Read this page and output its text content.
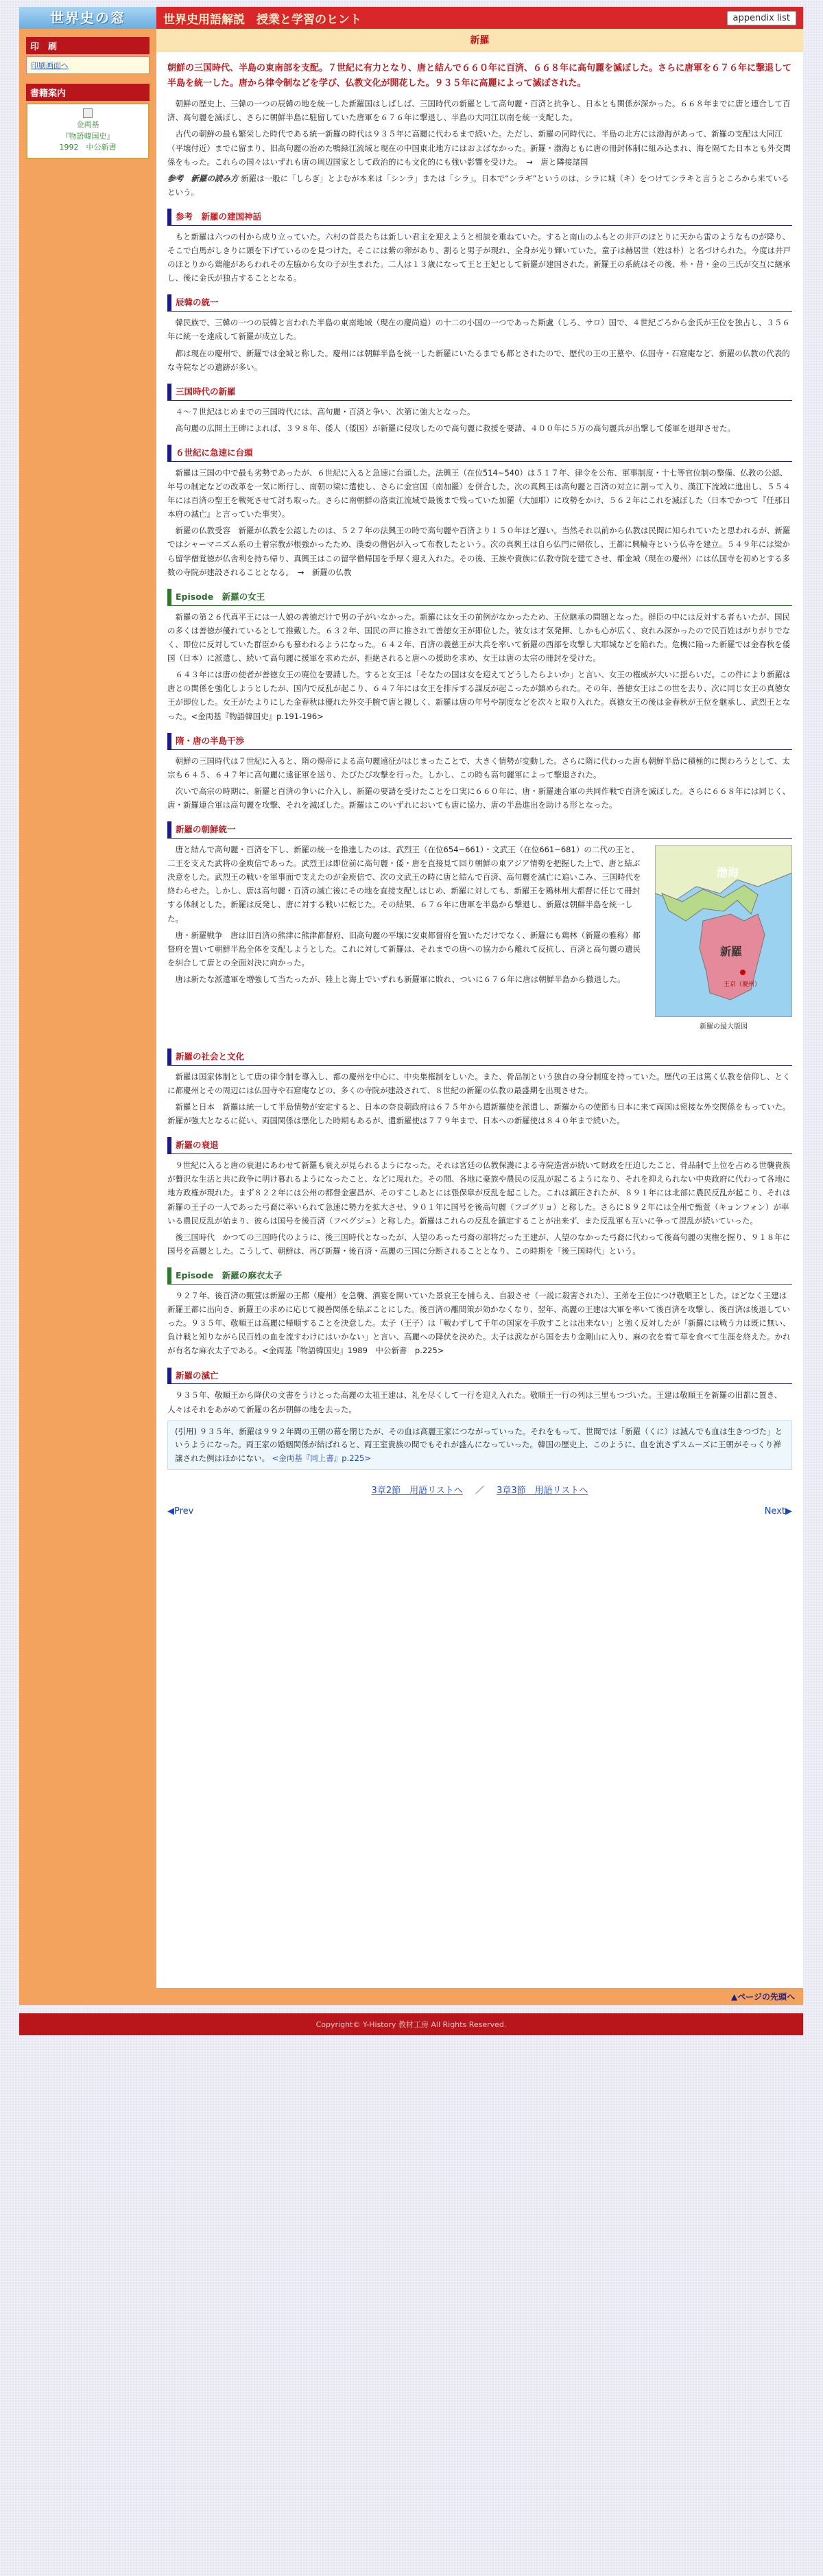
世界史の窓	世界史用語解説　授業と学習のヒント	appendix list
印　刷
印刷画面へ
書籍案内
金両基
『物語韓国史』
1992　中公新書
新羅
朝鮮の三国時代、半島の東南部を支配。７世紀に有力となり、唐と結んで６６０年に百済、６６８年に高句麗を滅ぼした。さらに唐軍を６７６年に撃退して半島を統一した。唐から律令制などを学び、仏教文化が開花した。９３５年に高麗によって滅ぼされた。

朝鮮の歴史上、三韓の一つの辰韓の地を統一した新羅国はしばしば、三国時代の新羅として高句麗・百済と抗争し、日本とも関係が深かった。６６８年までに唐と連合して百済、高句麗を滅ぼし、さらに朝鮮半島に駐留していた唐軍を６７６年に撃退し、半島の大同江以南を統一支配した。

古代の朝鮮の最も繁栄した時代である統一新羅の時代は９３５年に高麗に代わるまで続いた。ただし、新羅の同時代に、半島の北方には渤海があって、新羅の支配は大同江（平壌付近）までに留まり、旧高句麗の治めた鴨緑江流域と現在の中国東北地方にはおよばなかった。新羅・渤海ともに唐の冊封体制に組み込まれ、海を隔てた日本とも外交関係をもった。これらの国々はいずれも唐の周辺国家として政治的にも文化的にも強い影響を受けた。　→　唐と隣接諸国

参考　新羅の読み方 新羅は一般に「しらぎ」とよむが本来は「シンラ」または「シラ」。日本で“シラギ”というのは、シラに城（キ）をつけてシラキと言うところから来ているという。

参考　新羅の建国神話

もと新羅は六つの村から成り立っていた。六村の首長たちは新しい君主を迎えようと相談を重ねていた。すると南山のふもとの井戸のほとりに天から雷のようなものが降り、そこで白馬がしきりに頭を下げているのを見つけた。そこには紫の卵があり、割ると男子が現れ、全身が光り輝いていた。童子は赫居世（姓は朴）と名づけられた。今度は井戸のほとりから鶏龍があらわれその左脇から女の子が生まれた。二人は１３歳になって王と王妃として新羅が建国された。新羅王の系統はその後、朴・昔・金の三氏が交互に継承し、後に金氏が独占することとなる。

辰韓の統一

韓民族で、三韓の一つの辰韓と言われた半島の東南地域（現在の慶尚道）の十二の小国の一つであった斯盧（しろ、サロ）国で、４世紀ごろから金氏が王位を独占し、３５６年に統一を達成して新羅が成立した。

都は現在の慶州で、新羅では金城と称した。慶州には朝鮮半島を統一した新羅にいたるまでも都とされたので、歴代の王の王墓や、仏国寺・石窟庵など、新羅の仏教の代表的な寺院などの遺跡が多い。

三国時代の新羅

４～７世紀はじめまでの三国時代には、高句麗・百済と争い、次第に強大となった。

高句麗の広開土王碑によれば、３９８年、倭人（倭国）が新羅に侵攻したので高句麗に救援を要請、４００年に５万の高句麗兵が出撃して倭軍を退却させた。

６世紀に急速に台頭

新羅は三国の中で最も劣勢であったが、６世紀に入ると急速に台頭した。法興王（在位514~540）は５１７年、律令を公布、軍事制度・十七等官位制の整備、仏教の公認、年号の制定などの改革を一気に断行し、南朝の梁に遣使し、さらに金官国（南加羅）を併合した。次の真興王は高句麗と百済の対立に割って入り、漢江下流域に進出し、５５４年には百済の聖王を戦死させて討ち取った。さらに南朝鮮の洛東江流域で最後まで残っていた加羅（大加耶）に攻勢をかけ、５６２年にこれを滅ぼした（日本でかつて『任那日本府の滅亡』と言っていた事実）。

新羅の仏教受容　新羅が仏教を公認したのは、５２７年の法興王の時で高句麗や百済より１５０年ほど遅い。当然それ以前から仏教は民間に知られていたと思われるが、新羅ではシャーマニズム系の土着宗教が根強かったため、漢委の僧侶が入って布教したという。次の真興王は自ら仏門に帰依し、王都に興輪寺という仏寺を建立。５４９年には梁から留学僧覚徳が仏舎利を持ち帰り、真興王はこの留学僧帰国を手厚く迎え入れた。その後、王族や貴族に仏教寺院を建てさせ、都金城（現在の慶州）には仏国寺を初めとする多数の寺院が建設されることとなる。　→　新羅の仏教

Episode　新羅の女王

新羅の第２６代真平王には一人娘の善徳だけで男の子がいなかった。新羅には女王の前例がなかったため、王位継承の問題となった。群臣の中には反対する者もいたが、国民の多くは善徳が優れているとして推戴した。６３２年、国民の声に推されて善徳女王が即位した。彼女は才気発揮、しかも心が広く、哀れみ深かったので民百姓はがりがりでなく、即位に反対していた群臣からも慕われるようになった。６４２年、百済の義慈王が大兵を率いて新羅の西部を攻撃し大耶城などを陥れた。危機に陥った新羅では金春秋を倭国（日本）に派遣し、続いて高句麗に援軍を求めたが、拒絶されると唐への援助を求め、女王は唐の太宗の冊封を受けた。

６４３年には唐の使者が善徳女王の廃位を要請した。すると女王は「そなたの国は女を迎えてどうしたらよいか」と言い、女王の権威が大いに揺らいだ。この件により新羅は唐との関係を強化しようとしたが、国内で反乱が起こり、６４７年には女王を排斥する謀反が起こったが鎮められた。その年、善徳女王はこの世を去り、次に同じ女王の真徳女王が即位した。女王がたよりにした金春秋は優れた外交手腕で唐と親しく、新羅は唐の年号や制度などを次々と取り入れた。真徳女王の後は金春秋が王位を継承し、武烈王となった。<金両基『物語韓国史』p.191-196>

隋・唐の半島干渉

朝鮮の三国時代は７世紀に入ると、隋の煬帝による高句麗遠征がはじまったことで、大きく情勢が変動した。さらに隋に代わった唐も朝鮮半島に積極的に関わろうとして、太宗も６４５、６４７年に高句麗に遠征軍を送り、たびたび攻撃を行った。しかし、この時も高句麗軍によって撃退された。

次いで高宗の時期に、新羅と百済の争いに介入し、新羅の要請を受けたことを口実に６６０年に、唐・新羅連合軍の共同作戦で百済を滅ぼした。さらに６６８年には同じく、唐・新羅連合軍は高句麗を攻撃、それを滅ぼした。新羅はこのいずれにおいても唐に協力、唐の半島進出を助ける形となった。

新羅の朝鮮統一
渤海
新羅
王京（慶州）
新羅の最大版図

唐と結んで高句麗・百済を下し、新羅の統一を推進したのは、武烈王（在位654~661）・文武王（在位661~681）の二代の王と、二王を支えた武将の金庾信であった。武烈王は即位前に高句麗・倭・唐を直接見て回り朝鮮の東アジア情勢を把握した上で、唐と結ぶ決意をした。武烈王の戦いを軍事面で支えたのが金庾信で、次の文武王の時に唐と結んで百済、高句麗を滅亡に追いこみ、三国時代を終わらせた。しかし、唐は高句麗・百済の滅亡後にその地を直接支配しはじめ、新羅に対しても、新羅王を鶏林州大都督に任じて冊封する体制とした。新羅は反発し、唐に対する戦いに転じた。その結果、６７６年に唐軍を半島から撃退し、新羅は朝鮮半島を統一した。

唐・新羅戦争　唐は旧百済の熊津に熊津都督府、旧高句麗の平壌に安東都督府を置いただけでなく、新羅にも鶏林（新羅の雅称）都督府を置いて朝鮮半島全体を支配しようとした。これに対して新羅は、それまでの唐への協力から離れて反抗し、百済と高句麗の遺民を糾合して唐との全面対決に向かった。

唐は新たな派遣軍を増強して当たったが、陸上と海上でいずれも新羅軍に敗れ、ついに６７６年に唐は朝鮮半島から撤退した。

新羅の社会と文化

新羅は国家体制として唐の律令制を導入し、都の慶州を中心に、中央集権制をしいた。また、骨品制という独自の身分制度を持っていた。歴代の王は篤く仏教を信仰し、とくに都慶州とその周辺には仏国寺や石窟庵などの、多くの寺院が建設されて、８世紀の新羅の仏教の最盛期を出現させた。

新羅と日本　新羅は統一して半島情勢が安定すると、日本の奈良朝政府は６７５年から遣新羅使を派遣し、新羅からの使節も日本に来て両国は密接な外交関係をもっていた。新羅が強大となるに従い、両国関係は悪化した時期もあるが、遣新羅使は７７９年まで、日本への新羅使は８４０年まで続いた。

新羅の衰退

９世紀に入ると唐の衰退にあわせて新羅も衰えが見られるようになった。それは宮廷の仏教保護による寺院造営が続いて財政を圧迫したこと、骨品制で上位を占める世襲貴族が贅沢な生活と共に政争に明け暮れるようになったこと、などに現れた。その間、各地に豪族や農民の反乱が起こるようになり、それを抑えられない中央政府に代わって各地に地方政権が現れた。まず８２２年には公州の都督金憲昌が、そのすこしあとには張保皐が反乱を起こした。これは鎮圧されたが、８９１年には北部に農民反乱が起こり、それは新羅の王子の一人であった弓裔に率いられて急速に勢力を拡大させ、９０１年に国号を後高句麗（フゴグリョ）と称した。さらに８９２年には全州で甄萱（キョンフォン）が率いる農民反乱が始まり、彼らは国号を後百済（フベグジェ）と称した。新羅はこれらの反乱を鎮定することが出来ず、また反乱軍も互いに争って混乱が続いていった。

後三国時代　かつての三国時代のように、後三国時代となったが、人望のあった弓裔の部将だった王建が、人望のなかった弓裔に代わって後高句麗の実権を握り、９１８年に国号を高麗とした。こうして、朝鮮は、再び新羅・後百済・高麗の三国に分断されることとなり、この時期を「後三国時代」という。

Episode　新羅の麻衣太子

９２７年、後百済の甄萱は新羅の王都（慶州）を急襲、酒宴を開いていた景哀王を捕らえ、自殺させ（一説に殺害された）、王弟を王位につけ敬順王とした。ほどなく王建は新羅王都に出向き、新羅王の求めに応じて親善関係を結ぶことにした。後百済の離間策が効かなくなり、翌年、高麗の王建は大軍を率いて後百済を攻撃し、後百済は後退していった。９３５年、敬順王は高麗に帰順することを決意した。太子（王子）は「戦わずして千年の国家を手放すことは出来ない」と強く反対したが「新羅には戦う力は既に無い、負け戦と知りながら民百姓の血を流すわけにはいかない」と言い、高麗への降伏を決めた。太子は涙ながら国を去り金剛山に入り、麻の衣を着て草を食べて生涯を終えた。かれが有名な麻衣太子である。<金両基『物語韓国史』1989　中公新書　p.225>

新羅の滅亡

９３５年、敬順王から降伏の文書をうけとった高麗の太祖王建は、礼を尽くして一行を迎え入れた。敬順王一行の列は三里もつづいた。王建は敬順王を新羅の旧都に置き、人々はそれをあがめて新羅の名が朝鮮の地を去った。

(引用) ９３５年、新羅は９９２年間の王朝の幕を閉じたが、その血は高麗王家につながっていった。それをもって、世間では「新羅（くに）は滅んでも血は生きつづた」というようになった。両王家の婚姻関係が結ばれると、両王室貴族の間でもそれが盛んになっていった。韓国の歴史上、このように、血を流さずスムーズに王朝がそっくり禅譲された例はほかにない。 <金両基『同上書』p.225>
3章2節　用語リストへ ／ 3章3節　用語リストへ
◀Prev	Next▶
▲ページの先頭へ
Copyright© Y-History 教材工房 All Rights Reserved.
